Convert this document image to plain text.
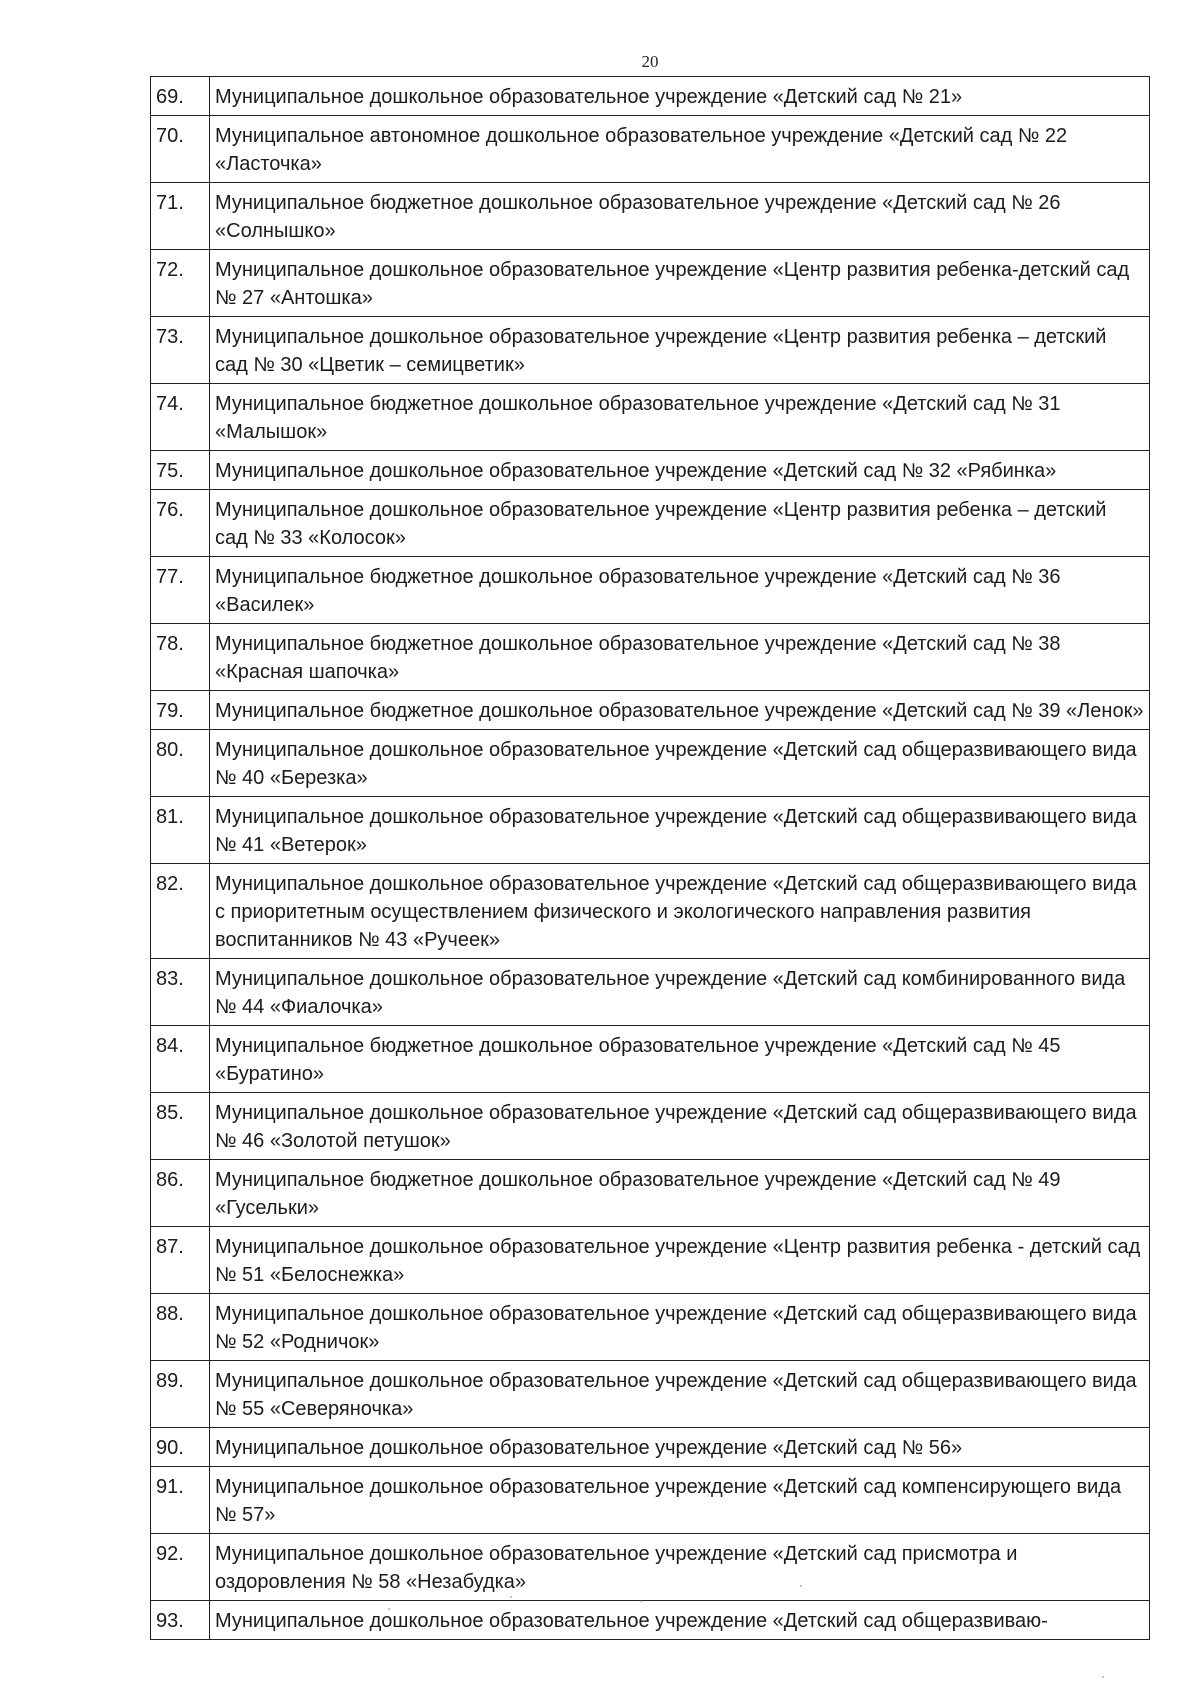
20
69.	Муниципальное дошкольное образовательное учреждение «Детский сад № 21»
70.	Муниципальное автономное дошкольное образовательное учреждение «Детский сад № 22 «Ласточка»
71.	Муниципальное бюджетное дошкольное образовательное учреждение «Детский сад № 26 «Солнышко»
72.	Муниципальное дошкольное образовательное учреждение «Центр развития ребенка-детский сад № 27 «Антошка»
73.	Муниципальное дошкольное образовательное учреждение «Центр развития ребенка – детский сад № 30 «Цветик – семицветик»
74.	Муниципальное бюджетное дошкольное образовательное учреждение «Детский сад № 31 «Малышок»
75.	Муниципальное дошкольное образовательное учреждение «Детский сад № 32 «Рябинка»
76.	Муниципальное дошкольное образовательное учреждение «Центр развития ребенка – детский сад № 33 «Колосок»
77.	Муниципальное бюджетное дошкольное образовательное учреждение «Детский сад № 36 «Василек»
78.	Муниципальное бюджетное дошкольное образовательное учреждение «Детский сад № 38 «Красная шапочка»
79.	Муниципальное бюджетное дошкольное образовательное учреждение «Детский сад № 39 «Ленок»
80.	Муниципальное дошкольное образовательное учреждение «Детский сад общеразвивающего вида № 40 «Березка»
81.	Муниципальное дошкольное образовательное учреждение «Детский сад общеразвивающего вида № 41 «Ветерок»
82.	Муниципальное дошкольное образовательное учреждение «Детский сад общеразвивающего вида с приоритетным осуществлением физического и экологического направления развития воспитанников № 43 «Ручеек»
83.	Муниципальное дошкольное образовательное учреждение «Детский сад комбинированного вида № 44 «Фиалочка»
84.	Муниципальное бюджетное дошкольное образовательное учреждение «Детский сад № 45 «Буратино»
85.	Муниципальное дошкольное образовательное учреждение «Детский сад общеразвивающего вида № 46 «Золотой петушок»
86.	Муниципальное бюджетное дошкольное образовательное учреждение «Детский сад № 49 «Гусельки»
87.	Муниципальное дошкольное образовательное учреждение «Центр развития ребенка - детский сад № 51 «Белоснежка»
88.	Муниципальное дошкольное образовательное учреждение «Детский сад общеразвивающего вида № 52 «Родничок»
89.	Муниципальное дошкольное образовательное учреждение «Детский сад общеразвивающего вида № 55 «Северяночка»
90.	Муниципальное дошкольное образовательное учреждение «Детский сад № 56»
91.	Муниципальное дошкольное образовательное учреждение «Детский сад компенсирующего вида № 57»
92.	Муниципальное дошкольное образовательное учреждение «Детский сад присмотра и оздоровления № 58 «Незабудка»
93.	Муниципальное дошкольное образовательное учреждение «Детский сад общеразвиваю-
